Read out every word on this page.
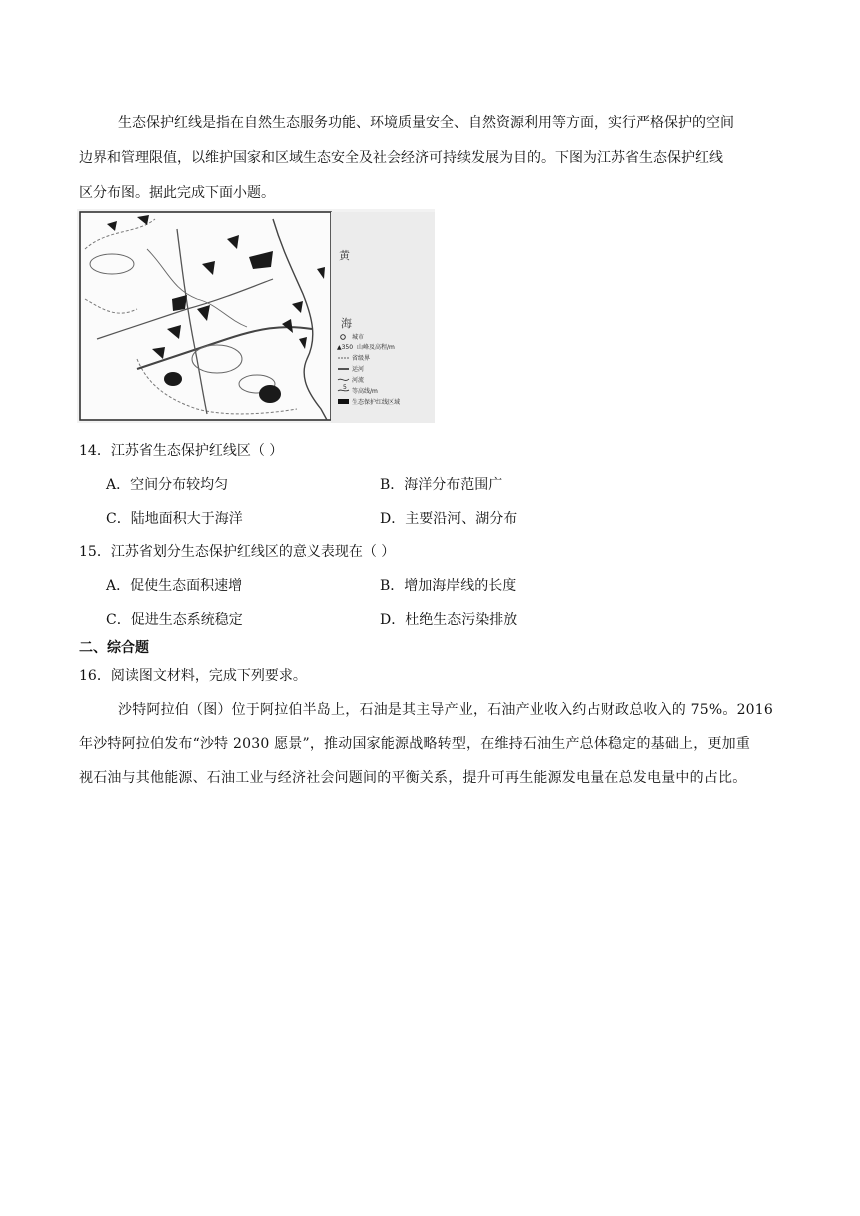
生态保护红线是指在自然生态服务功能、环境质量安全、自然资源利用等方面，实行严格保护的空间
边界和管理限值，以维护国家和区域生态安全及社会经济可持续发展为目的。下图为江苏省生态保护红线
区分布图。据此完成下面小题。
黄
海
城市
▲350 山峰及高程/m
省级界
运河
河流
5
等高线/m
生态保护红线区域
14．江苏省生态保护红线区（ ）
A．空间分布较均匀	B．海洋分布范围广
C．陆地面积大于海洋	D．主要沿河、湖分布
15．江苏省划分生态保护红线区的意义表现在（ ）
A．促使生态面积速增	B．增加海岸线的长度
C．促进生态系统稳定	D．杜绝生态污染排放
二、综合题
16．阅读图文材料，完成下列要求。
沙特阿拉伯（图）位于阿拉伯半岛上，石油是其主导产业，石油产业收入约占财政总收入的 75%。2016
年沙特阿拉伯发布“沙特 2030 愿景”，推动国家能源战略转型，在维持石油生产总体稳定的基础上，更加重
视石油与其他能源、石油工业与经济社会问题间的平衡关系，提升可再生能源发电量在总发电量中的占比。
